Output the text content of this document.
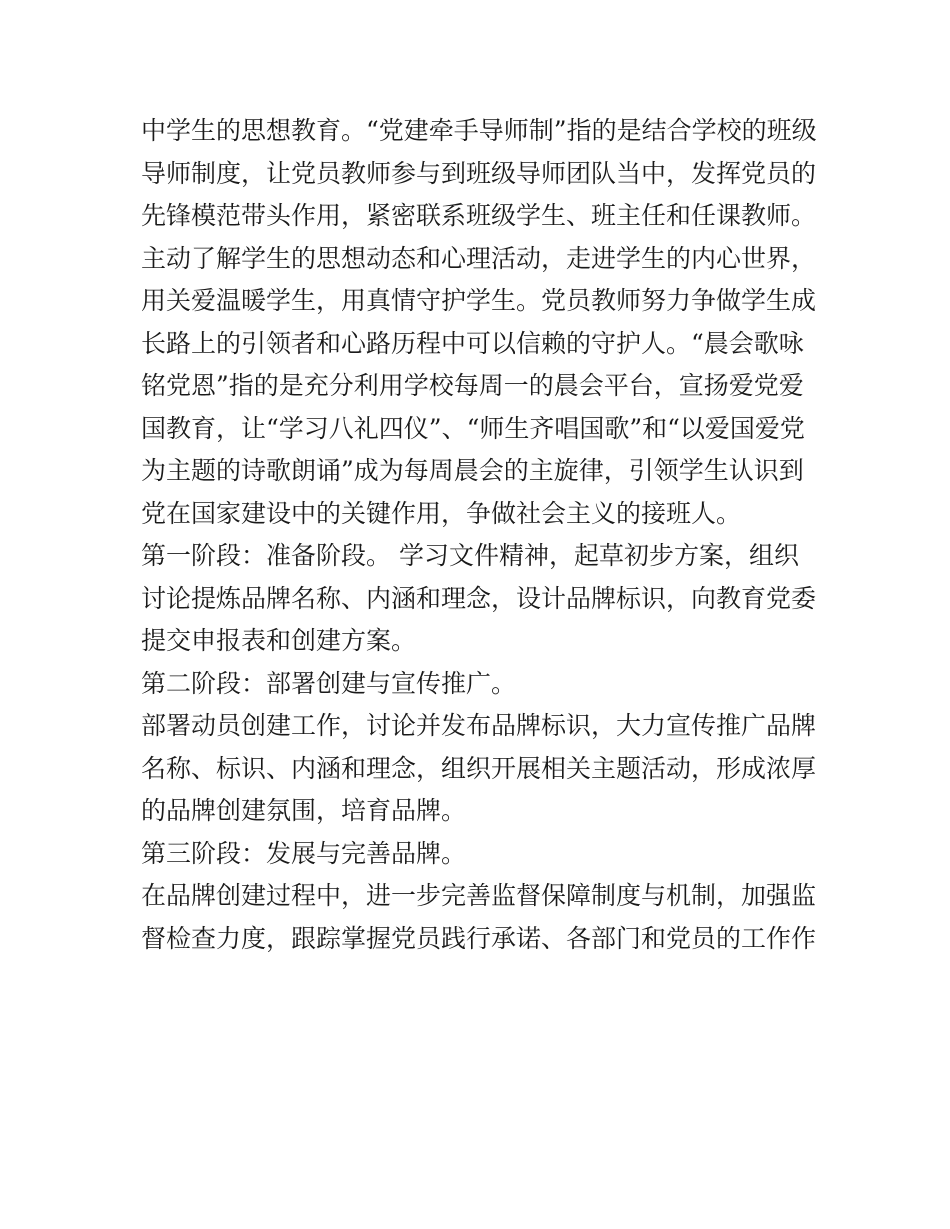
中学生的思想教育。“党建牵手导师制”指的是结合学校的班级

导师制度，让党员教师参与到班级导师团队当中，发挥党员的

先锋模范带头作用，紧密联系班级学生、班主任和任课教师。

主动了解学生的思想动态和心理活动，走进学生的内心世界，

用关爱温暖学生，用真情守护学生。党员教师努力争做学生成

长路上的引领者和心路历程中可以信赖的守护人。“晨会歌咏

铭党恩”指的是充分利用学校每周一的晨会平台，宣扬爱党爱

国教育，让“学习八礼四仪”、“师生齐唱国歌”和“以爱国爱党

为主题的诗歌朗诵”成为每周晨会的主旋律，引领学生认识到

党在国家建设中的关键作用，争做社会主义的接班人。

第一阶段：准备阶段。 学习文件精神，起草初步方案，组织

讨论提炼品牌名称、内涵和理念，设计品牌标识，向教育党委

提交申报表和创建方案。

第二阶段：部署创建与宣传推广。

部署动员创建工作，讨论并发布品牌标识，大力宣传推广品牌

名称、标识、内涵和理念，组织开展相关主题活动，形成浓厚

的品牌创建氛围，培育品牌。

第三阶段：发展与完善品牌。

在品牌创建过程中，进一步完善监督保障制度与机制，加强监

督检查力度，跟踪掌握党员践行承诺、各部门和党员的工作作
